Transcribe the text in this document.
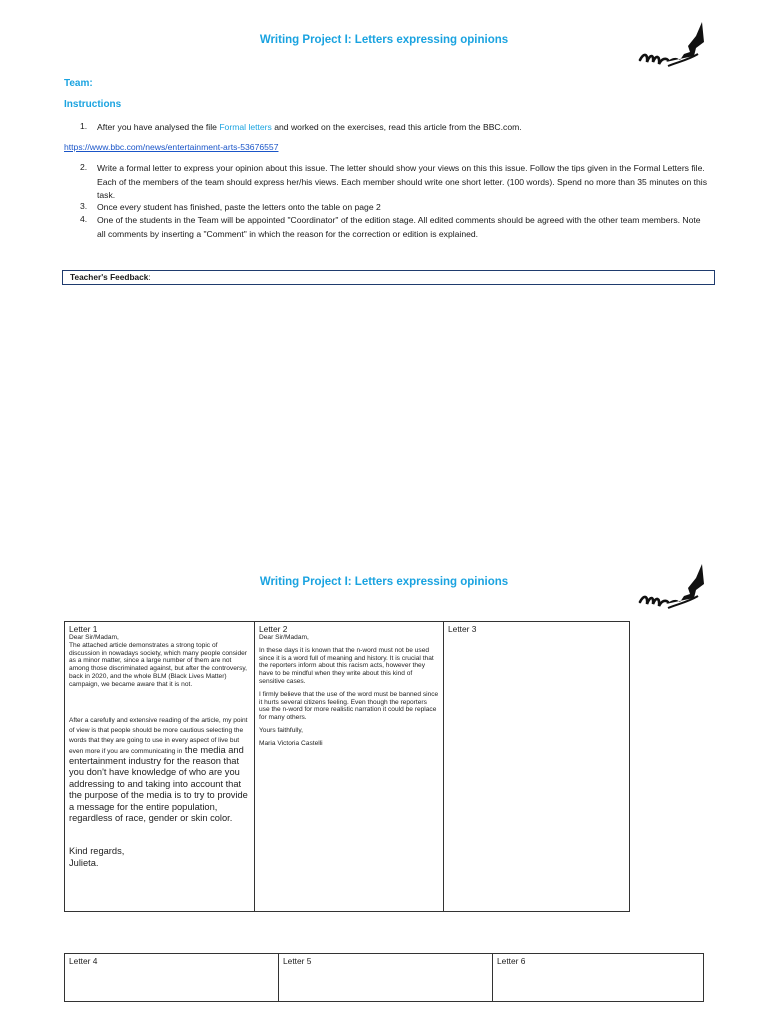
Writing Project I: Letters expressing opinions
Team:
Instructions
1. After you have analysed the file Formal letters and worked on the exercises, read this article from the BBC.com.
https://www.bbc.com/news/entertainment-arts-53676557
2. Write a formal letter to express your opinion about this issue. The letter should show your views on this this issue. Follow the tips given in the Formal Letters file. Each of the members of the team should express her/his views. Each member should write one short letter. (100 words). Spend no more than 35 minutes on this task.
3. Once every student has finished, paste the letters onto the table on page 2
4. One of the students in the Team will be appointed "Coordinator" of the edition stage. All edited comments should be agreed with the other team members. Note all comments by inserting a "Comment" in which the reason for the correction or edition is explained.
Teacher's Feedback:
Writing Project I: Letters expressing opinions
Letter 1
Dear Sir/Madam,
The attached article demonstrates a strong topic of discussion in nowadays society, which many people consider as a minor matter, since a large number of them are not among those discriminated against, but after the controversy, back in 2020, and the whole BLM (Black Lives Matter) campaign, we became aware that it is not.
After a carefully and extensive reading of the article, my point of view is that people should be more cautious selecting the words that they are going to use in every aspect of live but even more if you are communicating in the media and entertainment industry for the reason that you don't have knowledge of who are you addressing to and taking into account that the purpose of the media is to try to provide a message for the entire population, regardless of race, gender or skin color.
Kind regards,
Julieta.

Letter 2
Dear Sir/Madam,
In these days it is known that the n-word must not be used since it is a word full of meaning and history. It is crucial that the reporters inform about this racism acts, however they have to be mindful when they write about this kind of sensitive cases.
I firmly believe that the use of the word must be banned since it hurts several citizens feeling. Even though the reporters use the n-word for more realistic narration it could be replace for many others.
Yours faithfully,
Maria Victoria Castelli

Letter 3
Letter 4	Letter 5	Letter 6
